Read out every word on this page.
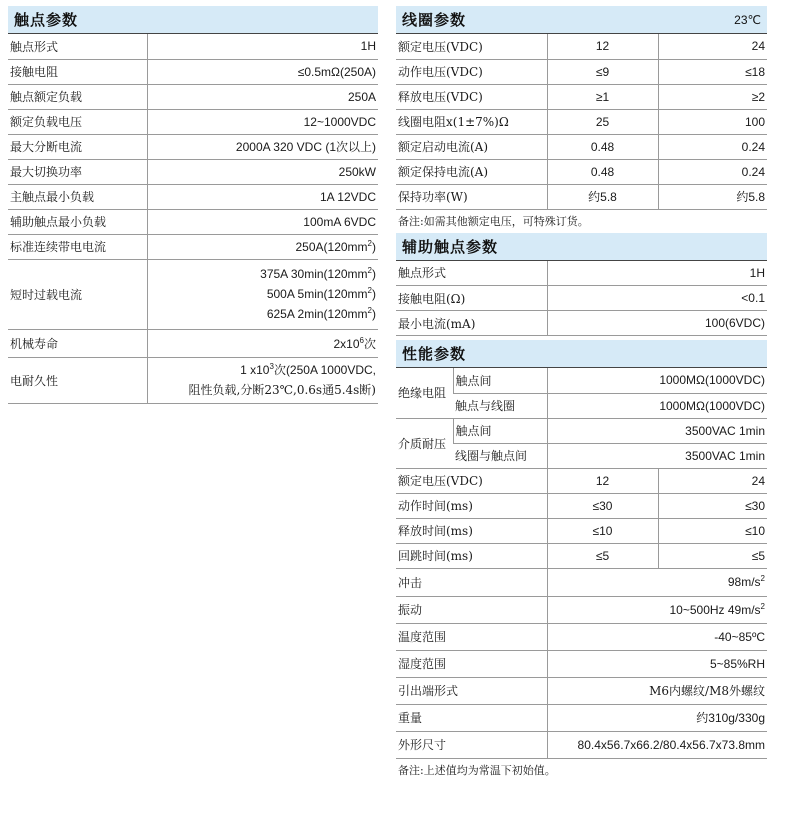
触点参数
触点形式	1H
接触电阻	≤0.5mΩ(250A)
触点额定负载	250A
额定负载电压	12~1000VDC
最大分断电流	2000A 320 VDC (1次以上)
最大切换功率	250kW
主触点最小负载	1A 12VDC
辅助触点最小负载	100mA 6VDC
标准连续带电电流	$250A(120mm^2)$
短时过载电流	375A $30\min(120mm^2)$
500A $5\min(120mm^2)$
625A $2\min(120mm^2)$

机械寿命	$2x10^6$次
电耐久性	1 $x10^3$次(250A 1000VDC,
阻性负载,分断23℃,0.6s通5.4s断)
线圈参数	23℃
额定电压(VDC)	12	24
动作电压(VDC)	≤9	≤18
释放电压(VDC)	≥1	≥2
线圈电阻x(1±7%)Ω	25	100
额定启动电流(A)	0.48	0.24
额定保持电流(A)	0.48	0.24
保持功率(W)	约5.8	约5.8
备注:如需其他额定电压，可特殊订货。
辅助触点参数
触点形式	1H
接触电阻(Ω)	<0.1
最小电流(mA)	100(6VDC)
性能参数
绝缘电阻	触点间	1000MΩ(1000VDC)	
	触点与线圈	1000MΩ(1000VDC)	
介质耐压	触点间	3500VAC 1min	
	线圈与触点间	3500VAC 1min	
额定电压(VDC)		12	24
动作时间(ms)		≤30	≤30
释放时间(ms)		≤10	≤10
回跳时间(ms)		≤5	≤5
冲击		$98m/s^2$
振动		10~500Hz $49m/s^2$
温度范围		-40~85ºC	
湿度范围		5~85%RH	
引出端形式		M6内螺纹/M8外螺纹	
重量		约310g/330g	
外形尺寸		80.4x56.7x66.2/80.4x56.7x73.8mm	
备注:上述值均为常温下初始值。
